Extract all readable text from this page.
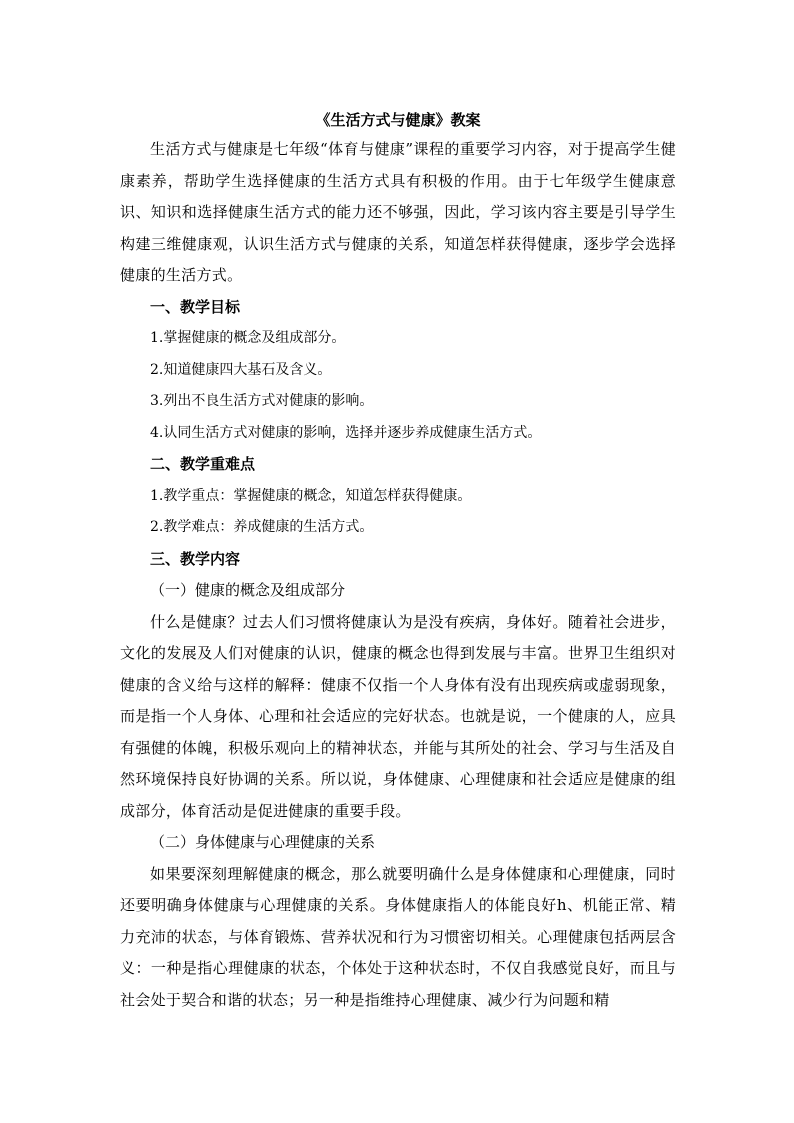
《生活方式与健康》教案

生活方式与健康是七年级“体育与健康”课程的重要学习内容，对于提高学生健康素养，帮助学生选择健康的生活方式具有积极的作用。由于七年级学生健康意识、知识和选择健康生活方式的能力还不够强，因此，学习该内容主要是引导学生构建三维健康观，认识生活方式与健康的关系，知道怎样获得健康，逐步学会选择健康的生活方式。

一、教学目标

1.掌握健康的概念及组成部分。

2.知道健康四大基石及含义。

3.列出不良生活方式对健康的影响。

4.认同生活方式对健康的影响，选择并逐步养成健康生活方式。

二、教学重难点

1.教学重点：掌握健康的概念，知道怎样获得健康。

2.教学难点：养成健康的生活方式。

三、教学内容

（一）健康的概念及组成部分

什么是健康？过去人们习惯将健康认为是没有疾病，身体好。随着社会进步，文化的发展及人们对健康的认识，健康的概念也得到发展与丰富。世界卫生组织对健康的含义给与这样的解释：健康不仅指一个人身体有没有出现疾病或虚弱现象，而是指一个人身体、心理和社会适应的完好状态。也就是说，一个健康的人，应具有强健的体魄，积极乐观向上的精神状态，并能与其所处的社会、学习与生活及自然环境保持良好协调的关系。所以说，身体健康、心理健康和社会适应是健康的组成部分，体育活动是促进健康的重要手段。

（二）身体健康与心理健康的关系

如果要深刻理解健康的概念，那么就要明确什么是身体健康和心理健康，同时还要明确身体健康与心理健康的关系。身体健康指人的体能良好h、机能正常、精力充沛的状态，与体育锻炼、营养状况和行为习惯密切相关。心理健康包括两层含义：一种是指心理健康的状态，个体处于这种状态时，不仅自我感觉良好，而且与社会处于契合和谐的状态；另一种是指维持心理健康、减少行为问题和精
